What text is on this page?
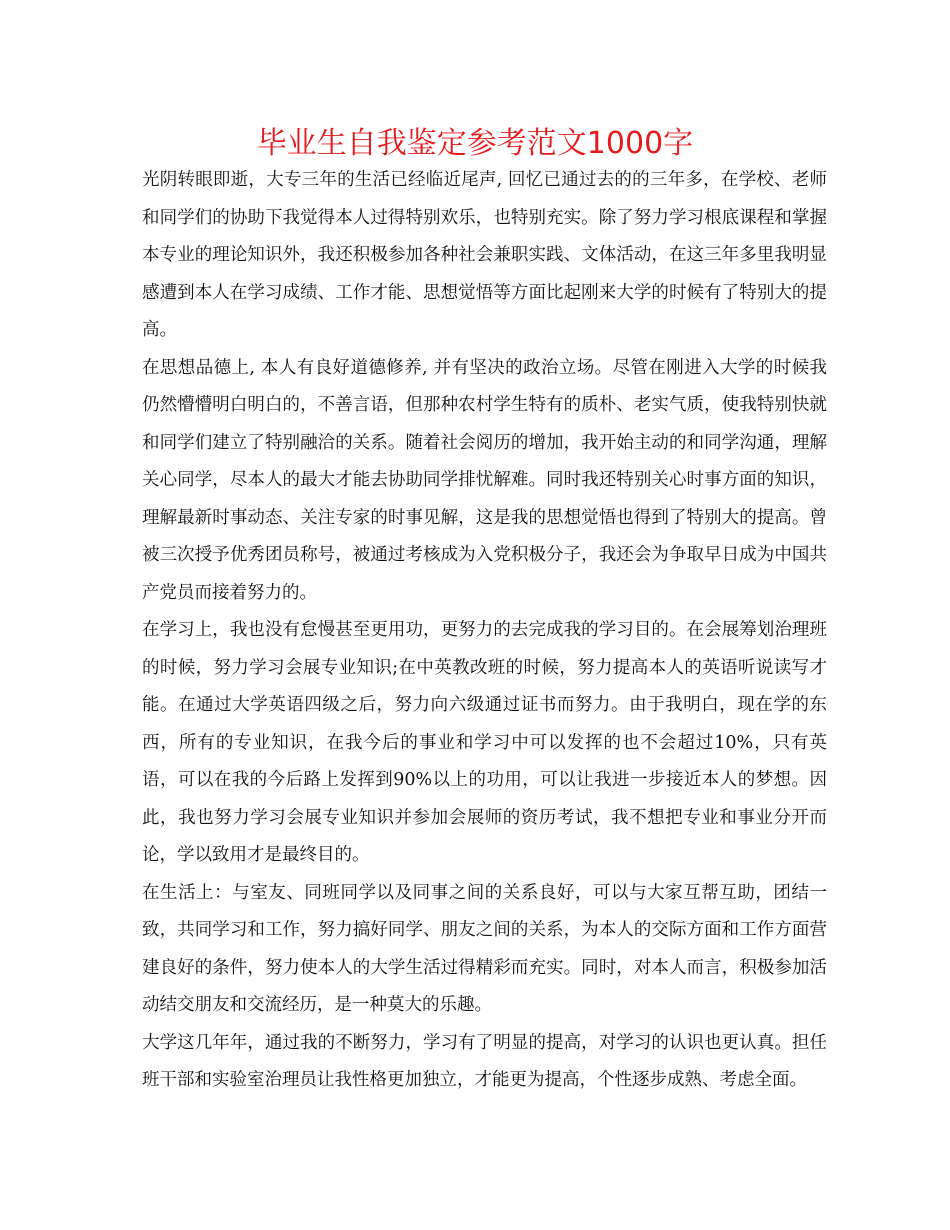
毕业生自我鉴定参考范文1000字

光阴转眼即逝，大专三年的生活已经临近尾声, 回忆已通过去的的三年多，在学校、老师和同学们的协助下我觉得本人过得特别欢乐，也特别充实。除了努力学习根底课程和掌握本专业的理论知识外，我还积极参加各种社会兼职实践、文体活动，在这三年多里我明显感遭到本人在学习成绩、工作才能、思想觉悟等方面比起刚来大学的时候有了特别大的提高。

在思想品德上, 本人有良好道德修养, 并有坚决的政治立场。尽管在刚进入大学的时候我仍然懵懵明白明白的，不善言语，但那种农村学生特有的质朴、老实气质，使我特别快就和同学们建立了特别融洽的关系。随着社会阅历的增加，我开始主动的和同学沟通，理解关心同学，尽本人的最大才能去协助同学排忧解难。同时我还特别关心时事方面的知识，理解最新时事动态、关注专家的时事见解，这是我的思想觉悟也得到了特别大的提高。曾被三次授予优秀团员称号，被通过考核成为入党积极分子，我还会为争取早日成为中国共产党员而接着努力的。

在学习上，我也没有怠慢甚至更用功，更努力的去完成我的学习目的。在会展筹划治理班的时候，努力学习会展专业知识;在中英教改班的时候，努力提高本人的英语听说读写才能。在通过大学英语四级之后，努力向六级通过证书而努力。由于我明白，现在学的东西，所有的专业知识，在我今后的事业和学习中可以发挥的也不会超过10%，只有英语，可以在我的今后路上发挥到90%以上的功用，可以让我进一步接近本人的梦想。因此，我也努力学习会展专业知识并参加会展师的资历考试，我不想把专业和事业分开而论，学以致用才是最终目的。

在生活上：与室友、同班同学以及同事之间的关系良好，可以与大家互帮互助，团结一致，共同学习和工作，努力搞好同学、朋友之间的关系，为本人的交际方面和工作方面营建良好的条件，努力使本人的大学生活过得精彩而充实。同时，对本人而言，积极参加活动结交朋友和交流经历，是一种莫大的乐趣。

大学这几年年，通过我的不断努力，学习有了明显的提高，对学习的认识也更认真。担任班干部和实验室治理员让我性格更加独立，才能更为提高，个性逐步成熟、考虑全面。
